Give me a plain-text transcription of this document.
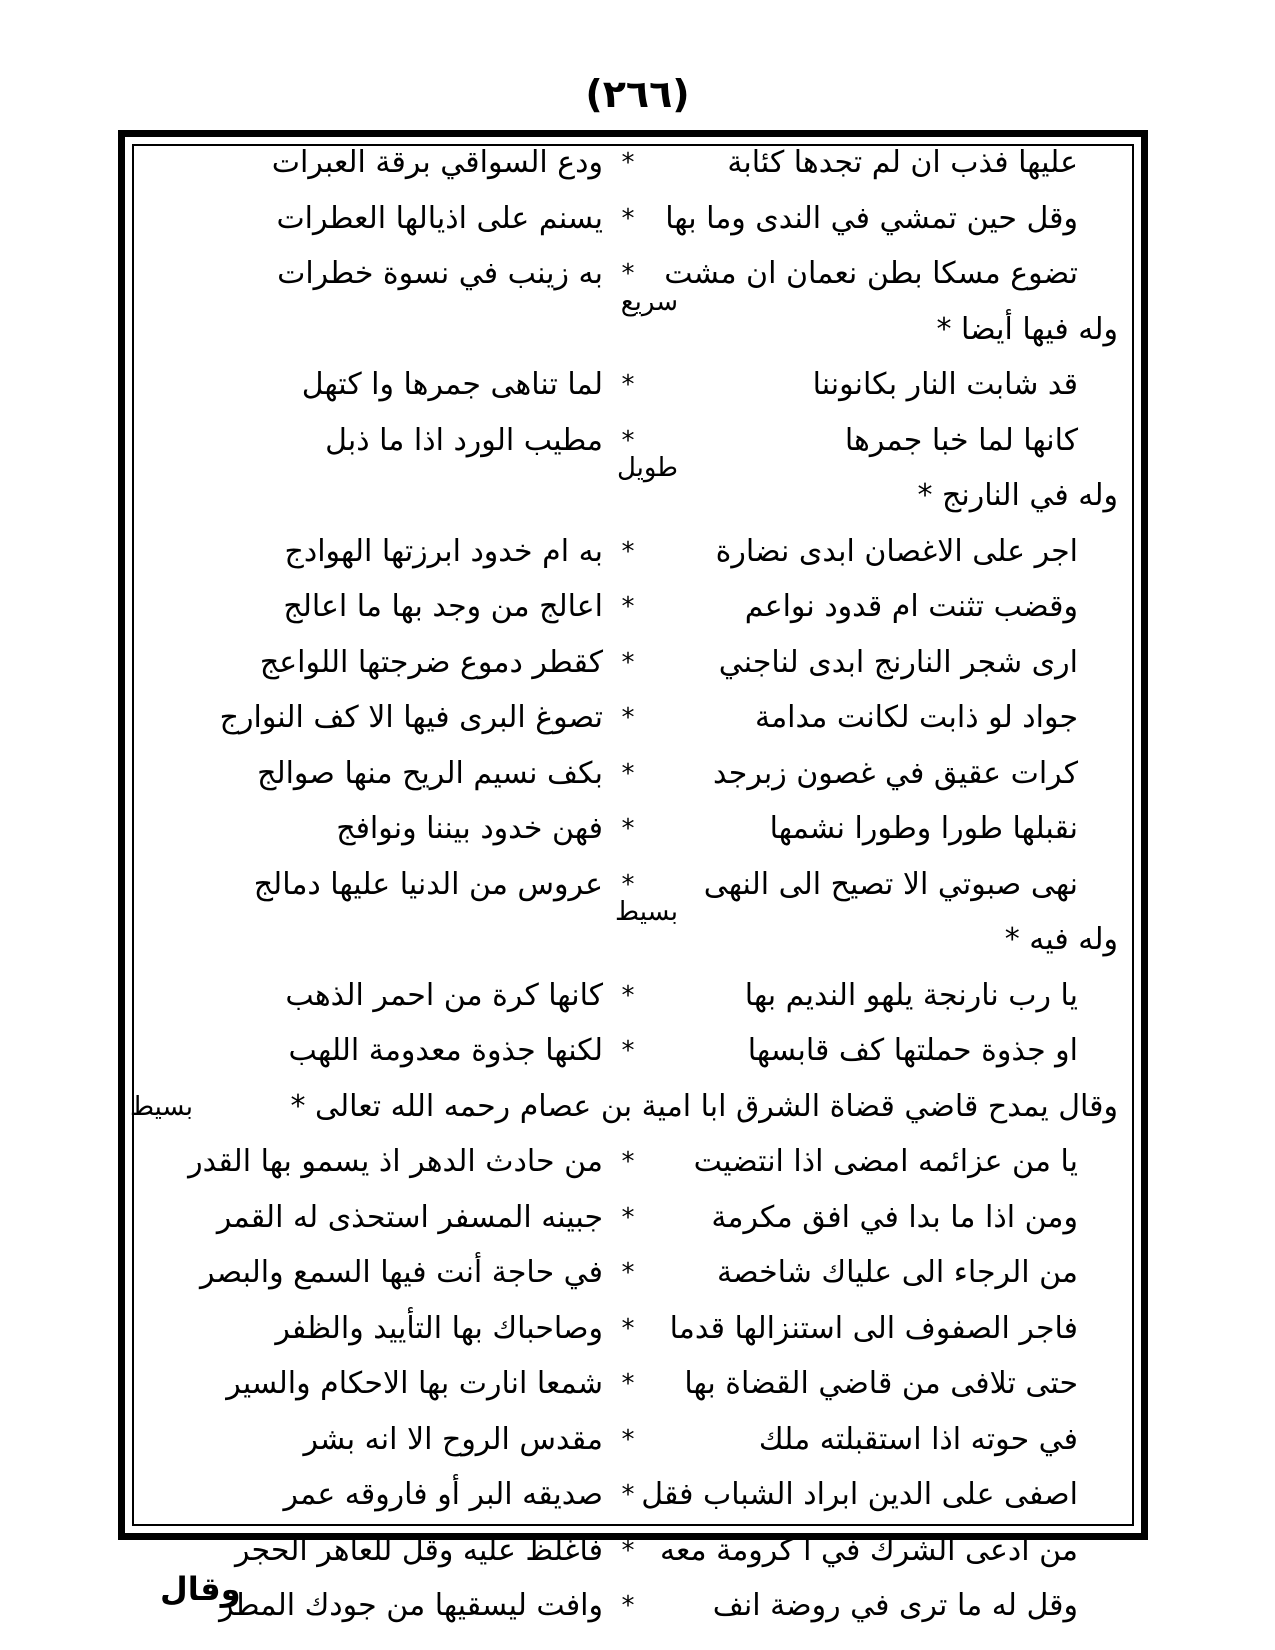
(٢٦٦)
عليها فذب ان لم تجدها كئابة
*
ودع السواقي برقة العبرات
وقل حين تمشي في الندى وما بها
*
يسنم على اذيالها العطرات
تضوع مسكا بطن نعمان ان مشت
*
به زينب في نسوة خطرات
وله فيها أيضا *
سريع
قد شابت النار بكانوننا
*
لما تناهى جمرها وا كتهل
كانها لما خبا جمرها
*
مطيب الورد اذا ما ذبل
وله في النارنج *
طويل
اجر على الاغصان ابدى نضارة
*
به ام خدود ابرزتها الهوادج
وقضب تثنت ام قدود نواعم
*
اعالج من وجد بها ما اعالج
ارى شجر النارنج ابدى لناجني
*
كقطر دموع ضرجتها اللواعج
جواد لو ذابت لكانت مدامة
*
تصوغ البرى فيها الا كف النوارج
كرات عقيق في غصون زبرجد
*
بكف نسيم الريح منها صوالج
نقبلها طورا وطورا نشمها
*
فهن خدود بيننا ونوافج
نهى صبوتي الا تصيح الى النهى
*
عروس من الدنيا عليها دمالج
وله فيه *
بسيط
يا رب نارنجة يلهو النديم بها
*
كانها كرة من احمر الذهب
او جذوة حملتها كف قابسها
*
لكنها جذوة معدومة اللهب
وقال يمدح قاضي قضاة الشرق ابا امية بن عصام رحمه الله تعالى *
بسيط
يا من عزائمه امضى اذا انتضيت
*
من حادث الدهر اذ يسمو بها القدر
ومن اذا ما بدا في افق مكرمة
*
جبينه المسفر استحذى له القمر
من الرجاء الى علياك شاخصة
*
في حاجة أنت فيها السمع والبصر
فاجر الصفوف الى استنزالها قدما
*
وصاحباك بها التأييد والظفر
حتى تلافى من قاضي القضاة بها
*
شمعا انارت بها الاحكام والسير
في حوته اذا استقبلته ملك
*
مقدس الروح الا انه بشر
اصفى على الدين ابراد الشباب فقل
*
صديقه البر أو فاروقه عمر
من ادعى الشرك في ا كرومة معه
*
فاغلظ عليه وقل للعاهر الحجر
وقل له ما ترى في روضة انف
*
وافت ليسقيها من جودك المطر
وقال
